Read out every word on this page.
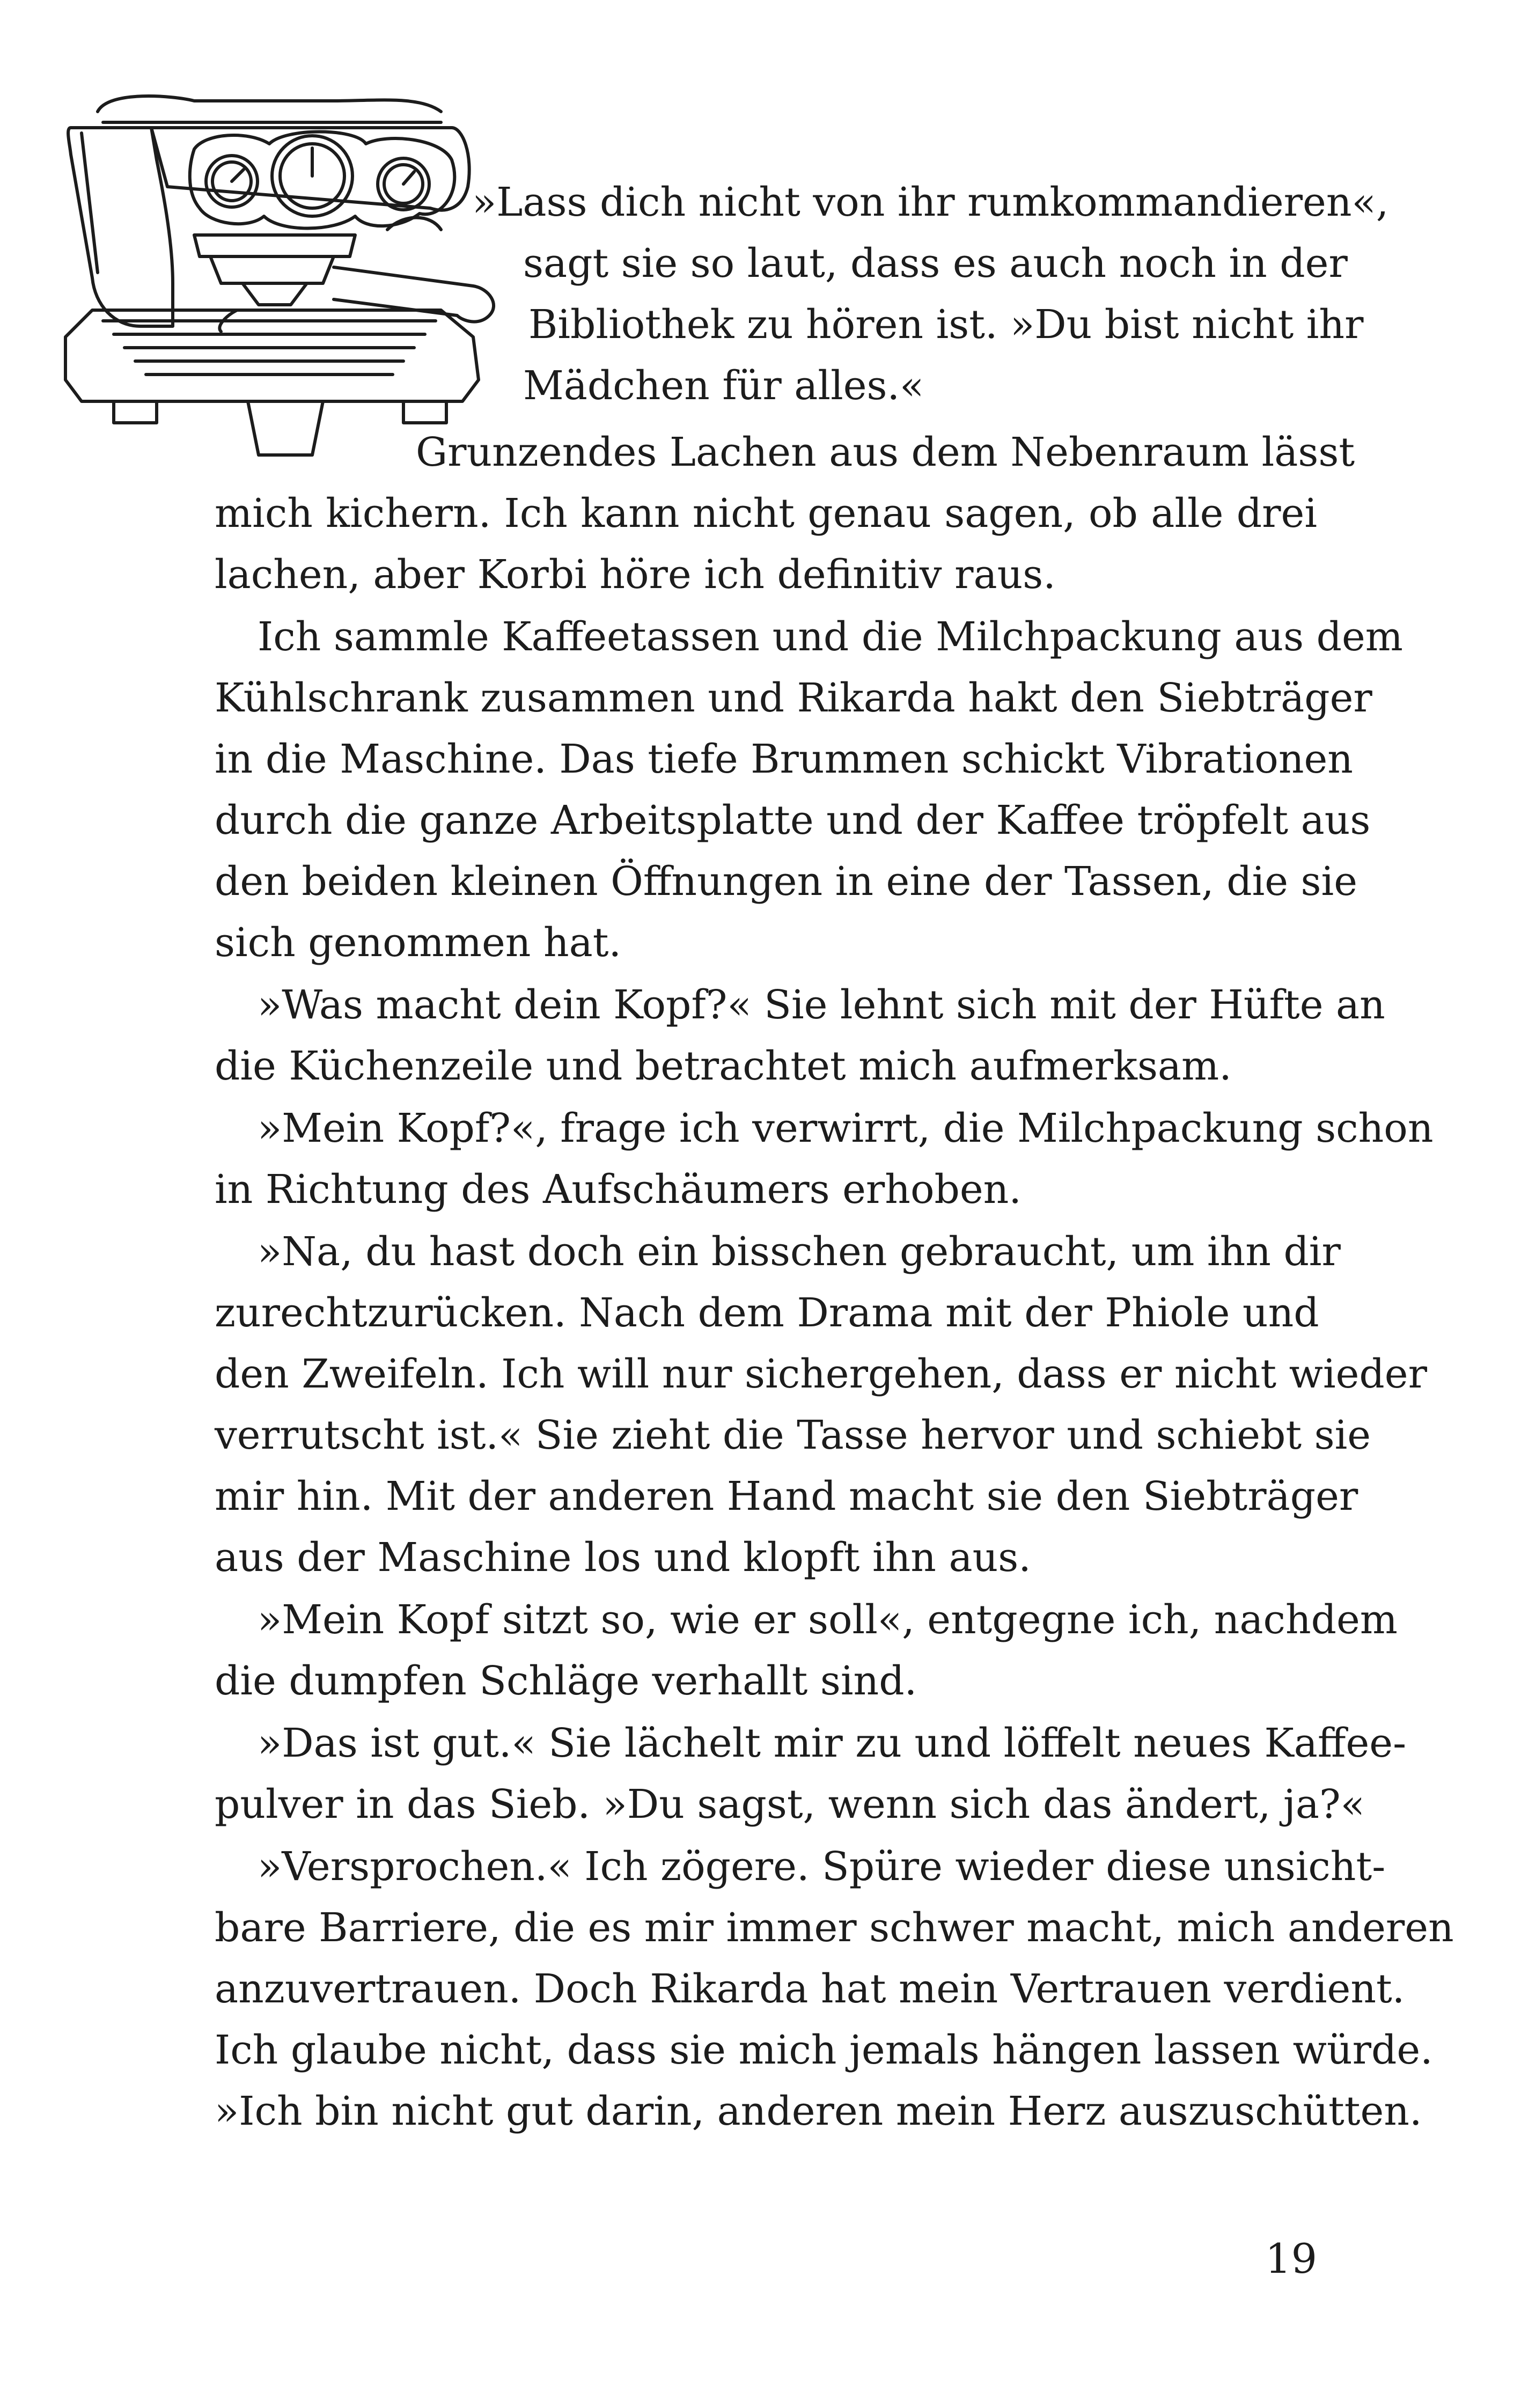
»Lass dich nicht von ihr rumkommandieren«,
sagt sie so laut, dass es auch noch in der
Bibliothek zu hören ist. »Du bist nicht ihr
Mädchen für alles.«
Grunzendes Lachen aus dem Nebenraum lässt
mich kichern. Ich kann nicht genau sagen, ob alle drei
lachen, aber Korbi höre ich definitiv raus.
Ich sammle Kaffeetassen und die Milchpackung aus dem
Kühlschrank zusammen und Rikarda hakt den Siebträger
in die Maschine. Das tiefe Brummen schickt Vibrationen
durch die ganze Arbeitsplatte und der Kaffee tröpfelt aus
den beiden kleinen Öffnungen in eine der Tassen, die sie
sich genommen hat.
»Was macht dein Kopf?« Sie lehnt sich mit der Hüfte an
die Küchenzeile und betrachtet mich aufmerksam.
»Mein Kopf?«, frage ich verwirrt, die Milchpackung schon
in Richtung des Aufschäumers erhoben.
»Na, du hast doch ein bisschen gebraucht, um ihn dir
zurechtzurücken. Nach dem Drama mit der Phiole und
den Zweifeln. Ich will nur sichergehen, dass er nicht wieder
verrutscht ist.« Sie zieht die Tasse hervor und schiebt sie
mir hin. Mit der anderen Hand macht sie den Siebträger
aus der Maschine los und klopft ihn aus.
»Mein Kopf sitzt so, wie er soll«, entgegne ich, nachdem
die dumpfen Schläge verhallt sind.
»Das ist gut.« Sie lächelt mir zu und löffelt neues Kaffee-
pulver in das Sieb. »Du sagst, wenn sich das ändert, ja?«
»Versprochen.« Ich zögere. Spüre wieder diese unsicht-
bare Barriere, die es mir immer schwer macht, mich anderen
anzuvertrauen. Doch Rikarda hat mein Vertrauen verdient.
Ich glaube nicht, dass sie mich jemals hängen lassen würde.
»Ich bin nicht gut darin, anderen mein Herz auszuschütten.
19
